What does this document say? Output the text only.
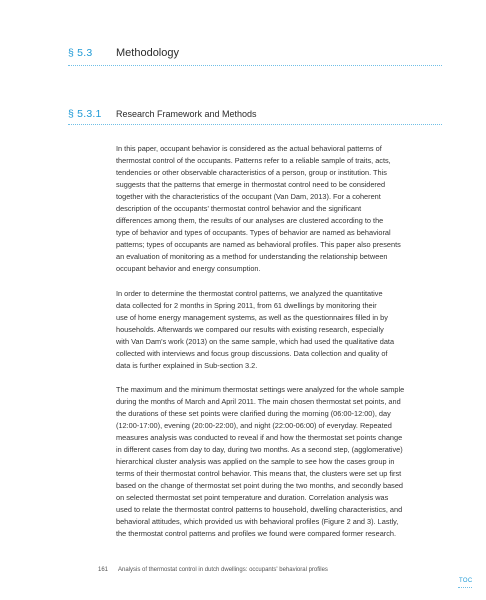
§ 5.3	Methodology
§ 5.3.1	Research Framework and Methods

In this paper, occupant behavior is considered as the actual behavioral patterns of
thermostat control of the occupants. Patterns refer to a reliable sample of traits, acts,
tendencies or other observable characteristics of a person, group or institution. This
suggests that the patterns that emerge in thermostat control need to be considered
together with the characteristics of the occupant (Van Dam, 2013). For a coherent
description of the occupants' thermostat control behavior and the significant
differences among them, the results of our analyses are clustered according to the
type of behavior and types of occupants. Types of behavior are named as behavioral
patterns; types of occupants are named as behavioral profiles. This paper also presents
an evaluation of monitoring as a method for understanding the relationship between
occupant behavior and energy consumption.

In order to determine the thermostat control patterns, we analyzed the quantitative
data collected for 2 months in Spring 2011, from 61 dwellings by monitoring their
use of home energy management systems, as well as the questionnaires filled in by
households. Afterwards we compared our results with existing research, especially
with Van Dam's work (2013) on the same sample, which had used the qualitative data
collected with interviews and focus group discussions. Data collection and quality of
data is further explained in Sub-section 3.2.

The maximum and the minimum thermostat settings were analyzed for the whole sample
during the months of March and April 2011. The main chosen thermostat set points, and
the durations of these set points were clarified during the morning (06:00-12:00), day
(12:00-17:00), evening (20:00-22:00), and night (22:00-06:00) of everyday. Repeated
measures analysis was conducted to reveal if and how the thermostat set points change
in different cases from day to day, during two months. As a second step, (agglomerative)
hierarchical cluster analysis was applied on the sample to see how the cases group in
terms of their thermostat control behavior. This means that, the clusters were set up first
based on the change of thermostat set point during the two months, and secondly based
on selected thermostat set point temperature and duration. Correlation analysis was
used to relate the thermostat control patterns to household, dwelling characteristics, and
behavioral attitudes, which provided us with behavioral profiles (Figure 2 and 3). Lastly,
the thermostat control patterns and profiles we found were compared former research.

161	Analysis of thermostat control in dutch dwellings: occupants' behavioral profiles
TOC
